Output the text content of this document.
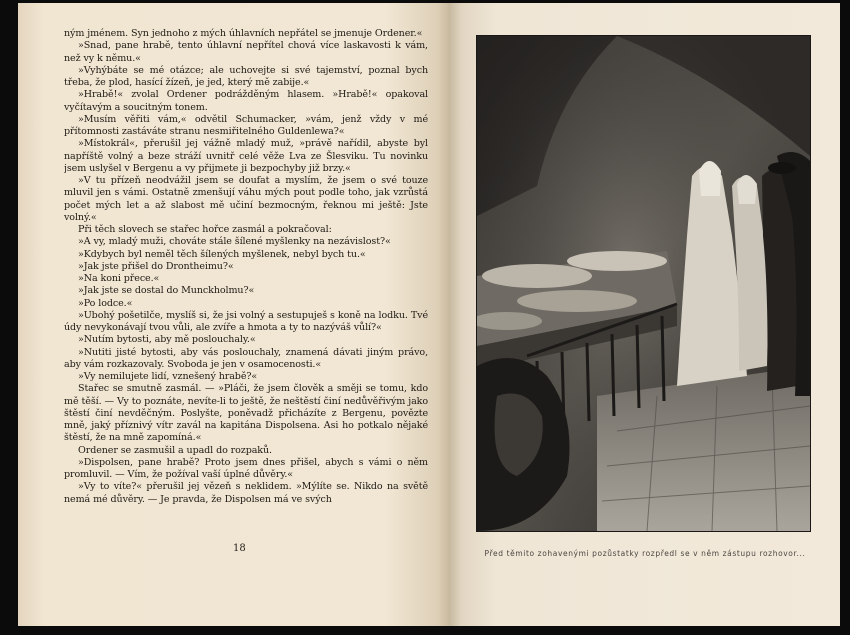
ným jménem. Syn jednoho z mých úhlavních nepřátel se jmenuje Ordener.«

»Snad, pane hrabě, tento úhlavní nepřítel chová více laskavosti k vám, než vy k němu.«

»Vyhýbáte se mé otázce; ale uchovejte si své tajemství, poznal bych třeba, že plod, hasící žízeň, je jed, který mě zabije.«

»Hrabě!« zvolal Ordener podrážděným hlasem. »Hrabě!« opakoval vyčítavým a soucitným tonem.

»Musím věřiti vám,« odvětil Schumacker, »vám, jenž vždy v mé přítomnosti zastáváte stranu nesmiřitelného Guldenlewa?«

»Místokrál«, přerušil jej vážně mladý muž, »právě nařídil, abyste byl napříště volný a beze stráží uvnitř celé věže Lva ze Šlesviku. Tu novinku jsem uslyšel v Bergenu a vy přijmete ji bezpochyby již brzy.«

»V tu přízeň neodvážil jsem se doufat a myslím, že jsem o své touze mluvil jen s vámi. Ostatně zmenšují váhu mých pout podle toho, jak vzrůstá počet mých let a až slabost mě učiní bezmocným, řeknou mi ještě: Jste volný.«

Při těch slovech se stařec hořce zasmál a pokračoval:

»A vy, mladý muži, chováte stále šílené myšlenky na nezávislost?«

»Kdybych byl neměl těch šílených myšlenek, nebyl bych tu.«

»Jak jste přišel do Drontheimu?«

»Na koni přece.«

»Jak jste se dostal do Munckholmu?«

»Po lodce.«

»Ubohý pošetilče, myslíš si, že jsi volný a sestupuješ s koně na lodku. Tvé údy nevykonávají tvou vůli, ale zvíře a hmota a ty to nazýváš vůlí?«

»Nutím bytosti, aby mě poslouchaly.«

»Nutiti jisté bytosti, aby vás poslouchaly, znamená dávati jiným právo, aby vám rozkazovaly. Svoboda je jen v osamocenosti.«

»Vy nemilujete lidí, vznešený hrabě?«

Stařec se smutně zasmál. — »Pláči, že jsem člověk a směji se tomu, kdo mě těší. — Vy to poznáte, nevíte-li to ještě, že neštěstí činí nedůvěřivým jako štěstí činí nevděčným. Poslyšte, poněvadž přicházíte z Bergenu, povězte mně, jaký příznivý vítr zavál na kapitána Dispolsena. Asi ho potkalo nějaké štěstí, že na mně zapomíná.«

Ordener se zasmušil a upadl do rozpaků.

»Dispolsen, pane hrabě? Proto jsem dnes přišel, abych s vámi o něm promluvil. — Vím, že požíval vaší úplné důvěry.«

»Vy to víte?« přerušil jej vězeň s neklidem. »Mýlíte se. Nikdo na světě nemá mé důvěry. — Je pravda, že Dispolsen má ve svých

18	Před těmito zohavenými pozůstatky rozpředl se v něm zástupu rozhovor...
